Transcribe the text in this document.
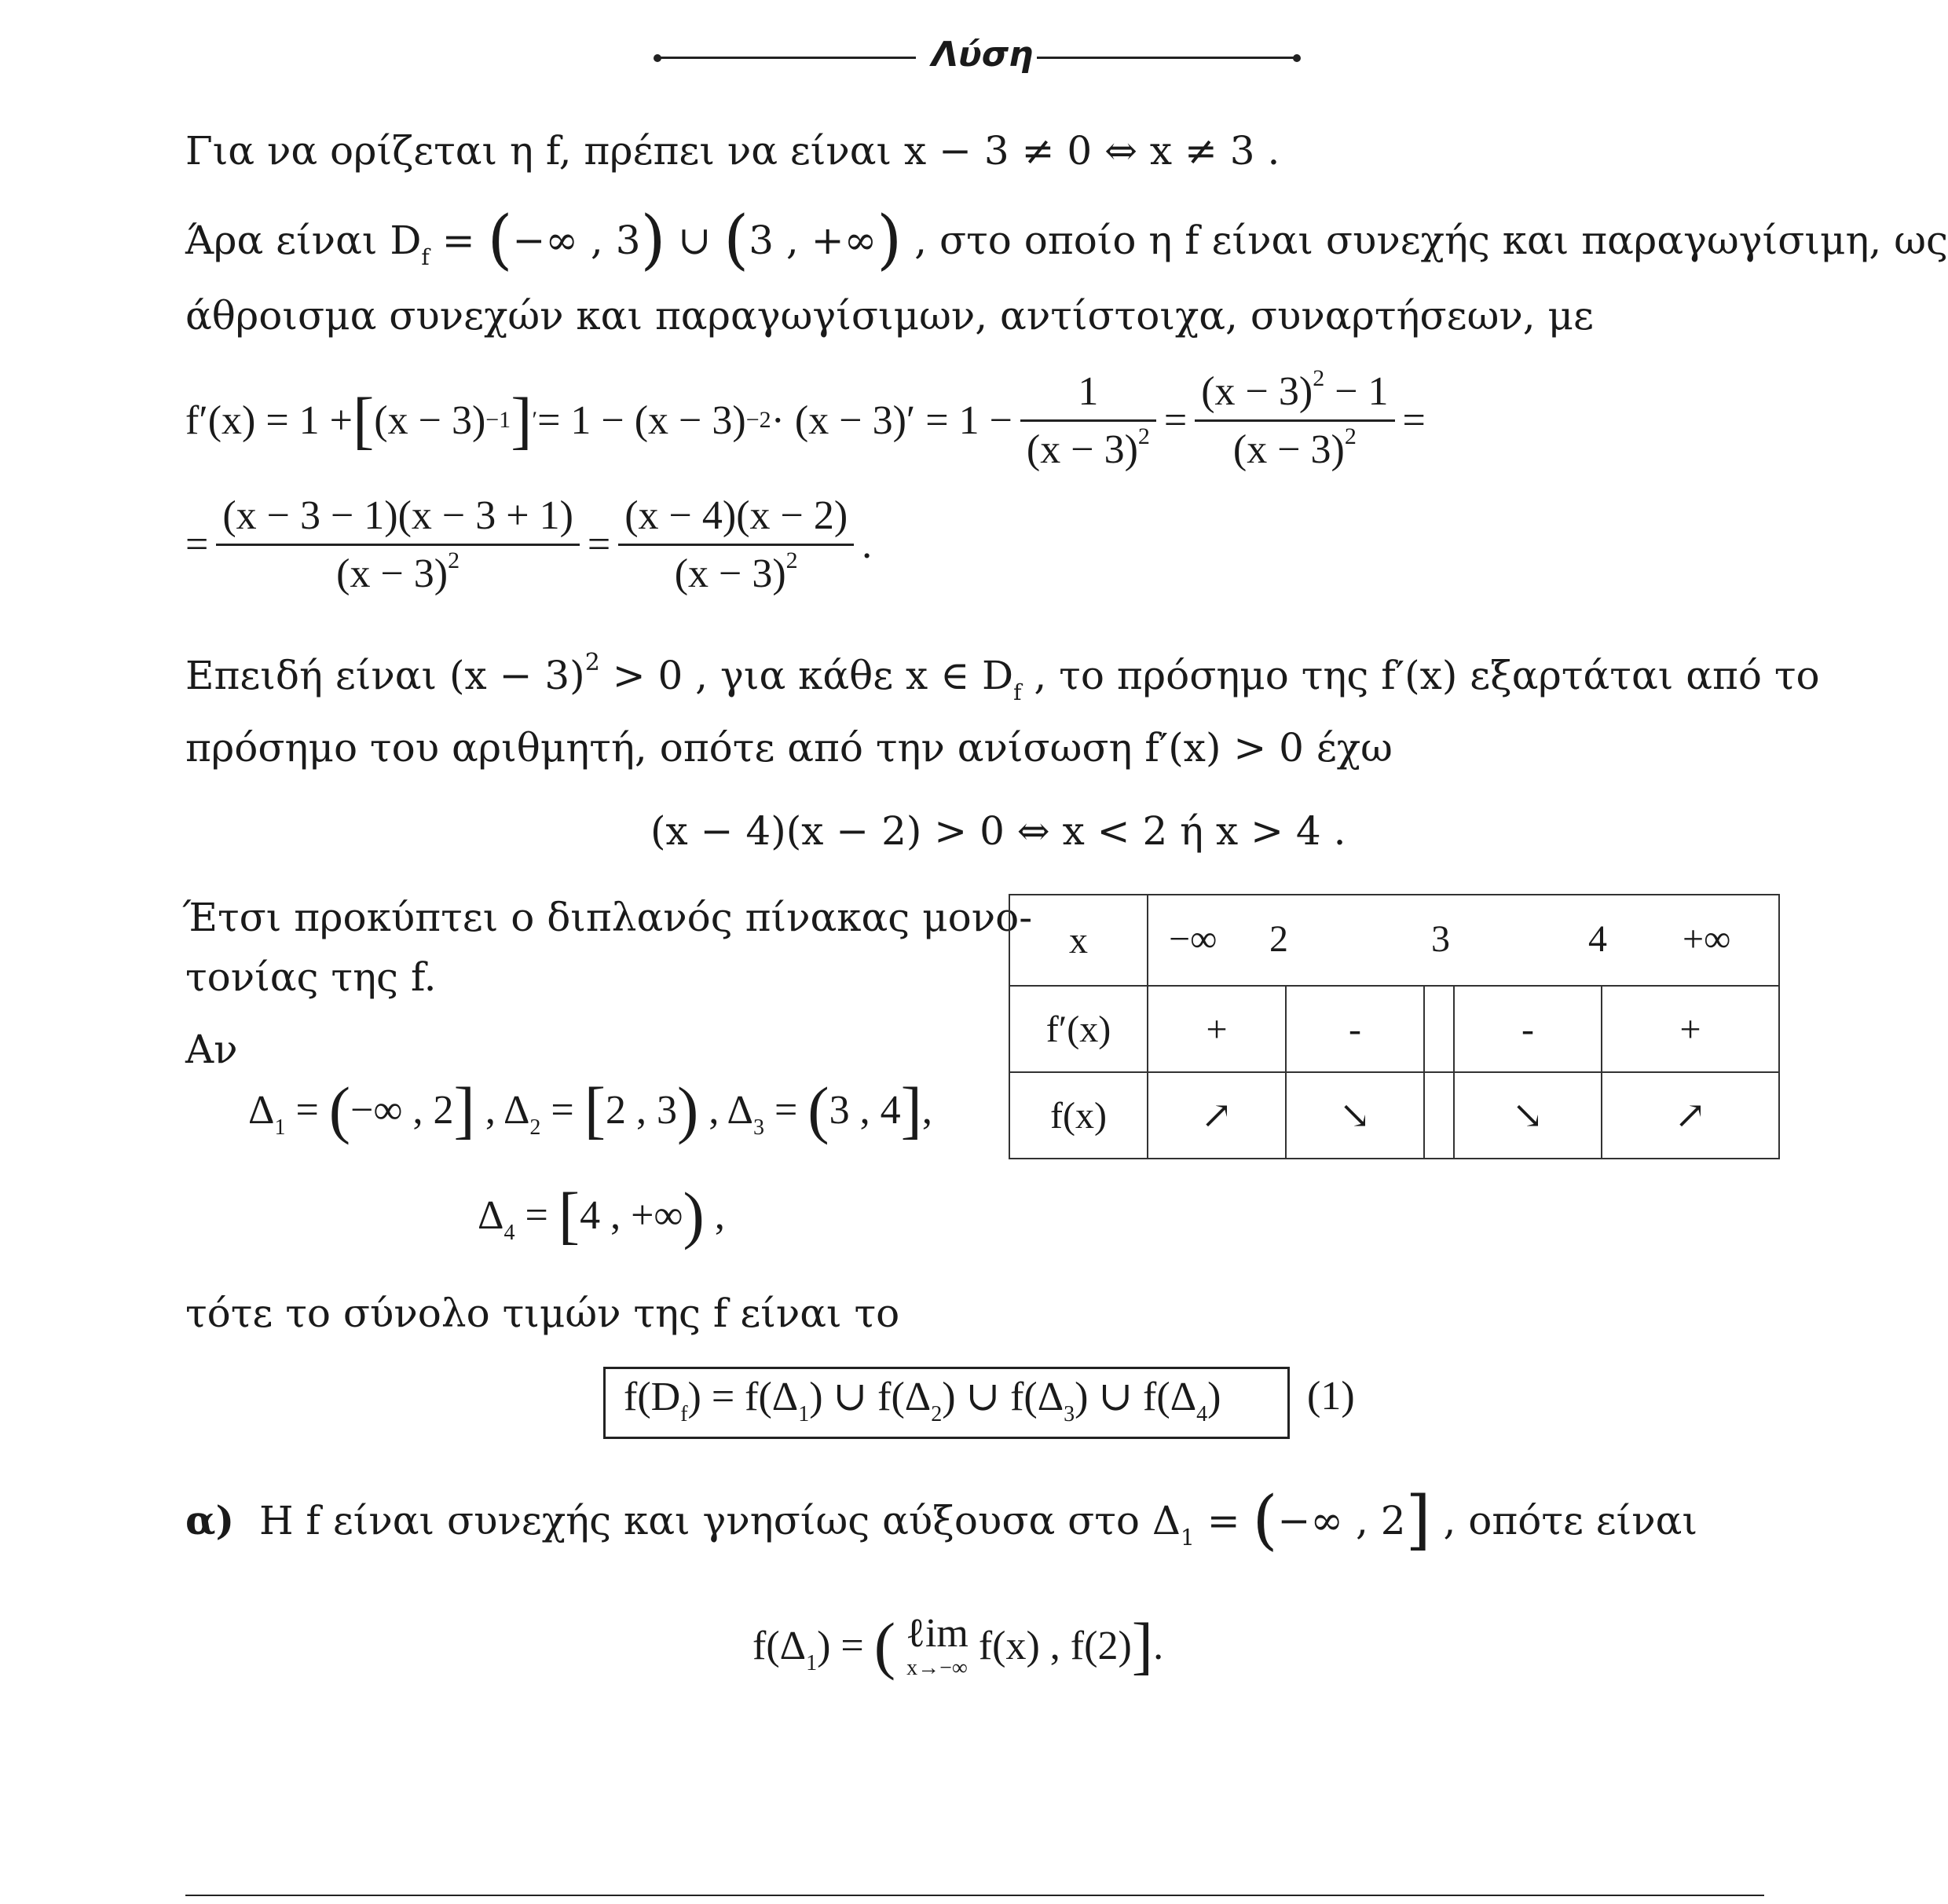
Λύση
Για να ορίζεται η f, πρέπει να είναι x − 3 ≠ 0 ⇔ x ≠ 3 .
Άρα είναι $D_f$ = (−∞ , 3) ∪ (3 , +∞) , στο οποίο η f είναι συνεχής και παραγωγίσιμη, ως
άθροισμα συνεχών και παραγωγίσιμων, αντίστοιχα, συναρτήσεων, με
f′(x) = 1 + [ (x − 3) −1 ] ′ = $1 - (x - 3) -2 \cdot (x - 3)' = 1 - \frac{1}{(x - 3)^2} = \frac{(x - 3)^2 - 1}{(x - 3)^2}$ =
= $\frac{(x - 3 - 1)(x - 3 + 1)}{(x - 3)^2} = \frac{(x - 4)(x - 2)}{(x - 3)^2}$ .
Επειδή είναι $(x - 3)^2 > 0$ , για κάθε x ∈ $D_f$ , το πρόσημο της f′(x) εξαρτάται από το
πρόσημο του αριθμητή, οπότε από την ανίσωση f′(x) > 0 έχω
(x − 4)(x − 2) > 0 ⇔ x < 2 ή x > 4 .
Έτσι προκύπτει ο διπλανός πίνακας μονο-
τονίας της f.
Αν
$\Delta_1$ = (−∞ , 2] , $\Delta_2 = [2$ , 3) , $\Delta_3 = (3$ , 4],
$\Delta_4 = [4$ , +∞) ,
x	−∞ 2 3 4 +∞				

f′(x)	+	-		-	+
f(x)	↗	↘		↘	↗
τότε το σύνολο τιμών της f είναι το
$f(D_f) = f(\Delta_1)$ ∪ $f(\Delta_2)$ ∪ $f(\Delta_3)$ ∪ $f(\Delta_4)$ (1)
α) Η f είναι συνεχής και γνησίως αύξουσα στο $\Delta_1$ = (−∞ , 2] , οπότε είναι
$f(\Delta_1)$ = ( ℓim
x→−∞ f(x) , f(2)].
